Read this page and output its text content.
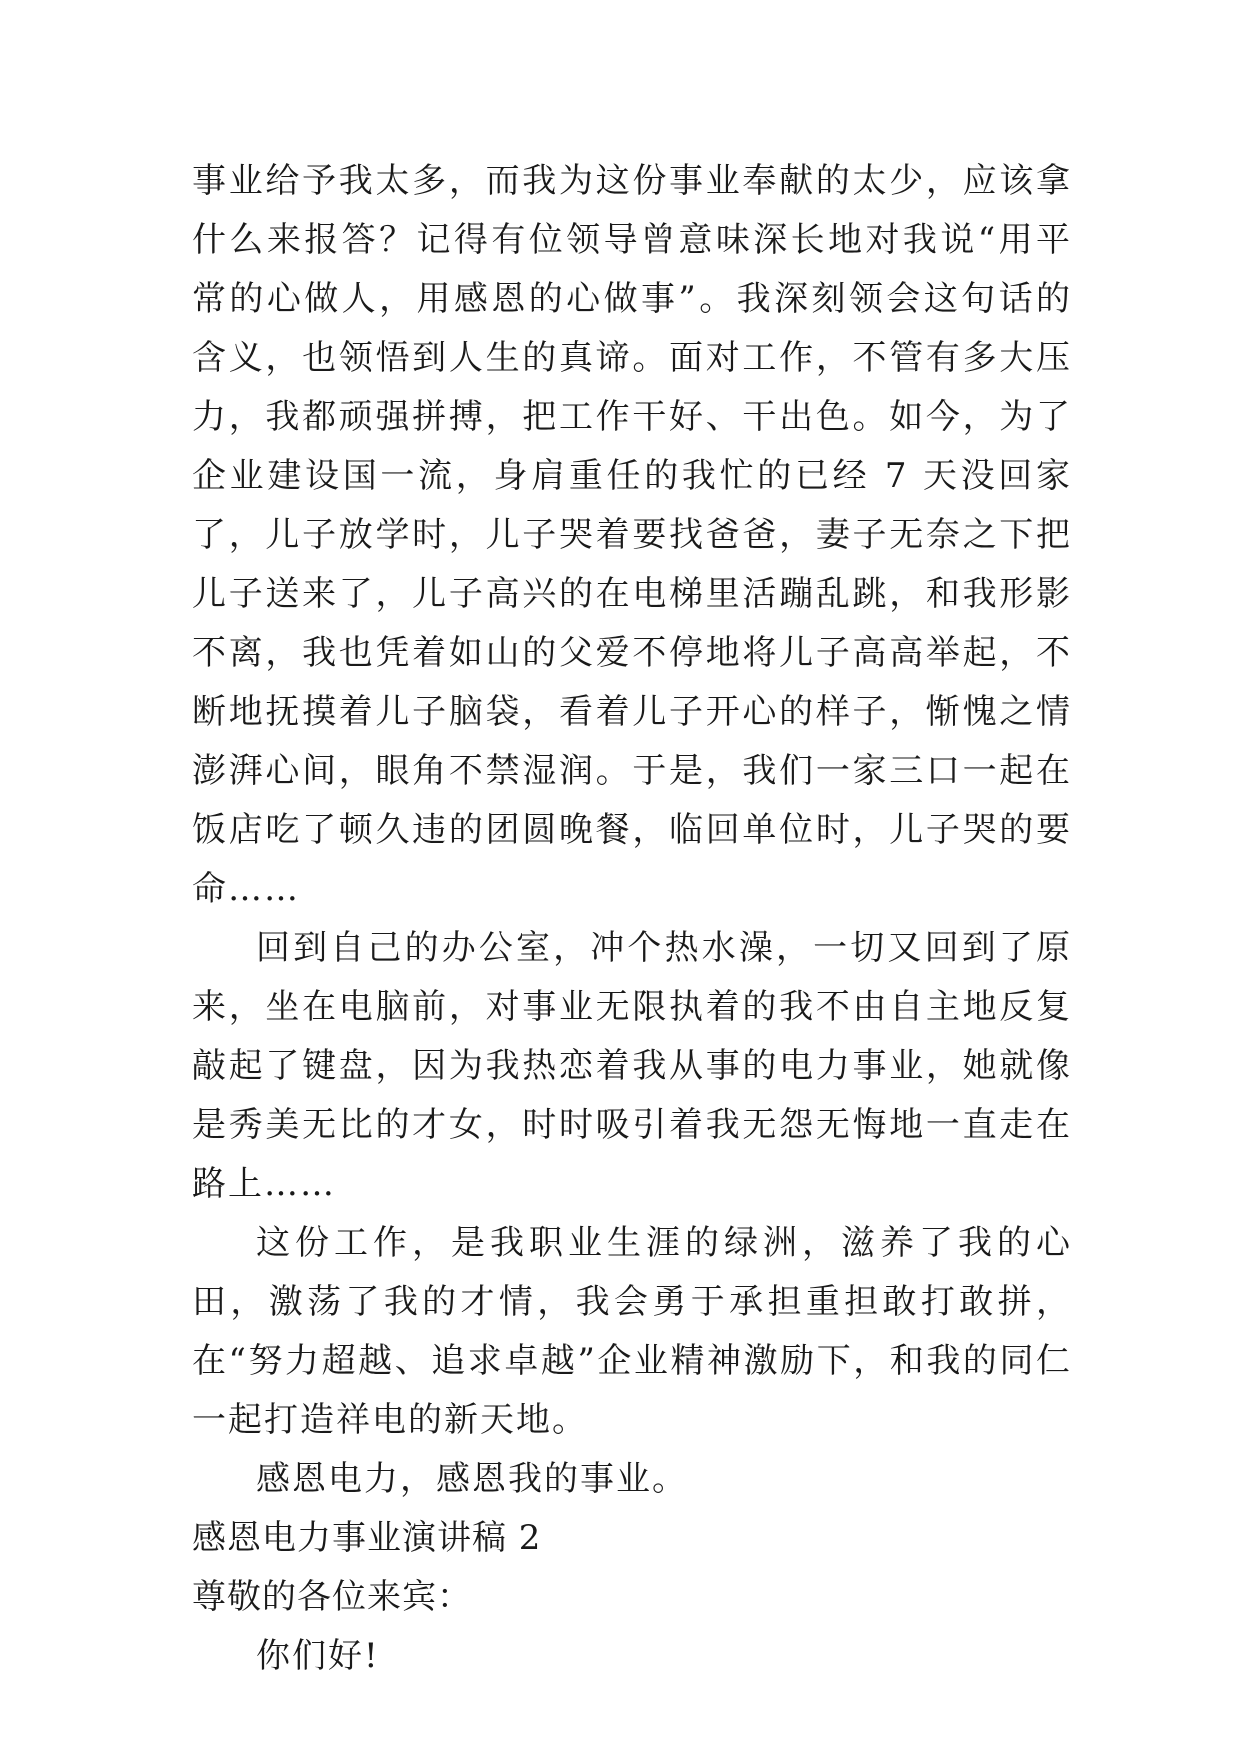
事业给予我太多，而我为这份事业奉献的太少，应该拿什么来报答？记得有位领导曾意味深长地对我说“用平常的心做人，用感恩的心做事”。我深刻领会这句话的含义，也领悟到人生的真谛。面对工作，不管有多大压力，我都顽强拼搏，把工作干好、干出色。如今，为了企业建设国一流，身肩重任的我忙的已经 7 天没回家了，儿子放学时，儿子哭着要找爸爸，妻子无奈之下把儿子送来了，儿子高兴的在电梯里活蹦乱跳，和我形影不离，我也凭着如山的父爱不停地将儿子高高举起，不断地抚摸着儿子脑袋，看着儿子开心的样子，惭愧之情澎湃心间，眼角不禁湿润。于是，我们一家三口一起在饭店吃了顿久违的团圆晚餐，临回单位时，儿子哭的要命……

回到自己的办公室，冲个热水澡，一切又回到了原来，坐在电脑前，对事业无限执着的我不由自主地反复敲起了键盘，因为我热恋着我从事的电力事业，她就像是秀美无比的才女，时时吸引着我无怨无悔地一直走在路上……

这份工作，是我职业生涯的绿洲，滋养了我的心田，激荡了我的才情，我会勇于承担重担敢打敢拼，在“努力超越、追求卓越”企业精神激励下，和我的同仁一起打造祥电的新天地。

感恩电力，感恩我的事业。

感恩电力事业演讲稿 2

尊敬的各位来宾：

你们好!
